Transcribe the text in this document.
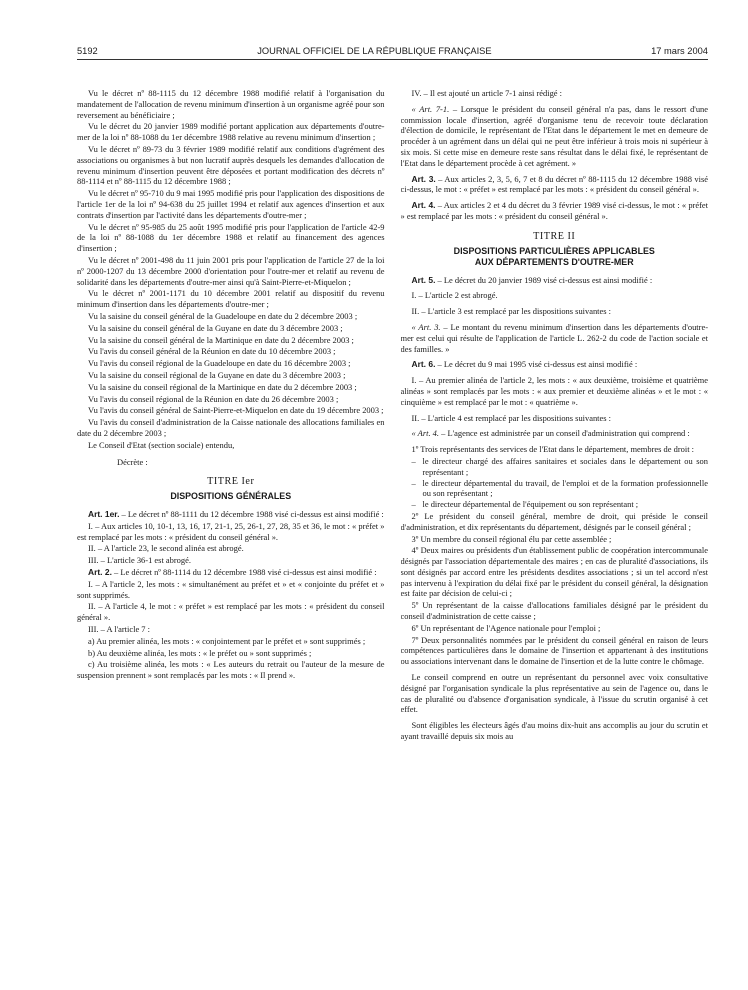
5192	JOURNAL OFFICIEL DE LA RÉPUBLIQUE FRANÇAISE	17 mars 2004

Vu le décret nº 88-1115 du 12 décembre 1988 modifié relatif à l'organisation du mandatement de l'allocation de revenu minimum d'insertion à un organisme agréé pour son reversement au bénéficiaire ;

Vu le décret du 20 janvier 1989 modifié portant application aux départements d'outre-mer de la loi nº 88-1088 du 1er décembre 1988 relative au revenu minimum d'insertion ;

Vu le décret nº 89-73 du 3 février 1989 modifié relatif aux conditions d'agrément des associations ou organismes à but non lucratif auprès desquels les demandes d'allocation de revenu minimum d'insertion peuvent être déposées et portant modification des décrets nº 88-1114 et nº 88-1115 du 12 décembre 1988 ;

Vu le décret nº 95-710 du 9 mai 1995 modifié pris pour l'application des dispositions de l'article 1er de la loi nº 94-638 du 25 juillet 1994 et relatif aux agences d'insertion et aux contrats d'insertion par l'activité dans les départements d'outre-mer ;

Vu le décret nº 95-985 du 25 août 1995 modifié pris pour l'application de l'article 42-9 de la loi nº 88-1088 du 1er décembre 1988 et relatif au financement des agences d'insertion ;

Vu le décret nº 2001-498 du 11 juin 2001 pris pour l'application de l'article 27 de la loi nº 2000-1207 du 13 décembre 2000 d'orientation pour l'outre-mer et relatif au revenu de solidarité dans les départements d'outre-mer ainsi qu'à Saint-Pierre-et-Miquelon ;

Vu le décret nº 2001-1171 du 10 décembre 2001 relatif au dispositif du revenu minimum d'insertion dans les départements d'outre-mer ;

Vu la saisine du conseil général de la Guadeloupe en date du 2 décembre 2003 ;

Vu la saisine du conseil général de la Guyane en date du 3 décembre 2003 ;

Vu la saisine du conseil général de la Martinique en date du 2 décembre 2003 ;

Vu l'avis du conseil général de la Réunion en date du 10 décembre 2003 ;

Vu l'avis du conseil régional de la Guadeloupe en date du 16 décembre 2003 ;

Vu la saisine du conseil régional de la Guyane en date du 3 décembre 2003 ;

Vu la saisine du conseil régional de la Martinique en date du 2 décembre 2003 ;

Vu l'avis du conseil régional de la Réunion en date du 26 décembre 2003 ;

Vu l'avis du conseil général de Saint-Pierre-et-Miquelon en date du 19 décembre 2003 ;

Vu l'avis du conseil d'administration de la Caisse nationale des allocations familiales en date du 2 décembre 2003 ;

Le Conseil d'Etat (section sociale) entendu,

Décrète :

TITRE Ier
DISPOSITIONS GÉNÉRALES

Art. 1er. – Le décret nº 88-1111 du 12 décembre 1988 visé ci-dessus est ainsi modifié :

I. – Aux articles 10, 10-1, 13, 16, 17, 21-1, 25, 26-1, 27, 28, 35 et 36, le mot : « préfet » est remplacé par les mots : « président du conseil général ».

II. – A l'article 23, le second alinéa est abrogé.

III. – L'article 36-1 est abrogé.

Art. 2. – Le décret nº 88-1114 du 12 décembre 1988 visé ci-dessus est ainsi modifié :

I. – A l'article 2, les mots : « simultanément au préfet et » et « conjointe du préfet et » sont supprimés.

II. – A l'article 4, le mot : « préfet » est remplacé par les mots : « président du conseil général ».

III. – A l'article 7 :

a) Au premier alinéa, les mots : « conjointement par le préfet et » sont supprimés ;

b) Au deuxième alinéa, les mots : « le préfet ou » sont supprimés ;

c) Au troisième alinéa, les mots : « Les auteurs du retrait ou l'auteur de la mesure de suspension prennent » sont remplacés par les mots : « Il prend ».

IV. – Il est ajouté un article 7-1 ainsi rédigé :

« Art. 7-1. – Lorsque le président du conseil général n'a pas, dans le ressort d'une commission locale d'insertion, agréé d'organisme tenu de recevoir toute déclaration d'élection de domicile, le représentant de l'Etat dans le département le met en demeure de procéder à un agrément dans un délai qui ne peut être inférieur à trois mois ni supérieur à six mois. Si cette mise en demeure reste sans résultat dans le délai fixé, le représentant de l'Etat dans le département procède à cet agrément. »

Art. 3. – Aux articles 2, 3, 5, 6, 7 et 8 du décret nº 88-1115 du 12 décembre 1988 visé ci-dessus, le mot : « préfet » est remplacé par les mots : « président du conseil général ».

Art. 4. – Aux articles 2 et 4 du décret du 3 février 1989 visé ci-dessus, le mot : « préfet » est remplacé par les mots : « président du conseil général ».

TITRE II
DISPOSITIONS PARTICULIÈRES APPLICABLES
AUX DÉPARTEMENTS D'OUTRE-MER

Art. 5. – Le décret du 20 janvier 1989 visé ci-dessus est ainsi modifié :

I. – L'article 2 est abrogé.

II. – L'article 3 est remplacé par les dispositions suivantes :

« Art. 3. – Le montant du revenu minimum d'insertion dans les départements d'outre-mer est celui qui résulte de l'application de l'article L. 262-2 du code de l'action sociale et des familles. »

Art. 6. – Le décret du 9 mai 1995 visé ci-dessus est ainsi modifié :

I. – Au premier alinéa de l'article 2, les mots : « aux deuxième, troisième et quatrième alinéas » sont remplacés par les mots : « aux premier et deuxième alinéas » et le mot : « cinquième » est remplacé par le mot : « quatrième ».

II. – L'article 4 est remplacé par les dispositions suivantes :

« Art. 4. – L'agence est administrée par un conseil d'administration qui comprend :

1º Trois représentants des services de l'Etat dans le département, membres de droit :

– le directeur chargé des affaires sanitaires et sociales dans le département ou son représentant ;
– le directeur départemental du travail, de l'emploi et de la formation professionnelle ou son représentant ;
– le directeur départemental de l'équipement ou son représentant ;

2º Le président du conseil général, membre de droit, qui préside le conseil d'administration, et dix représentants du département, désignés par le conseil général ;

3º Un membre du conseil régional élu par cette assemblée ;

4º Deux maires ou présidents d'un établissement public de coopération intercommunale désignés par l'association départementale des maires ; en cas de pluralité d'associations, ils sont désignés par accord entre les présidents desdites associations ; si un tel accord n'est pas intervenu à l'expiration du délai fixé par le président du conseil général, la désignation est faite par décision de celui-ci ;

5º Un représentant de la caisse d'allocations familiales désigné par le président du conseil d'administration de cette caisse ;

6º Un représentant de l'Agence nationale pour l'emploi ;

7º Deux personnalités nommées par le président du conseil général en raison de leurs compétences particulières dans le domaine de l'insertion et appartenant à des institutions ou associations intervenant dans le domaine de l'insertion et de la lutte contre le chômage.

Le conseil comprend en outre un représentant du personnel avec voix consultative désigné par l'organisation syndicale la plus représentative au sein de l'agence ou, dans le cas de pluralité ou d'absence d'organisation syndicale, à l'issue du scrutin organisé à cet effet.

Sont éligibles les électeurs âgés d'au moins dix-huit ans accomplis au jour du scrutin et ayant travaillé depuis six mois au
